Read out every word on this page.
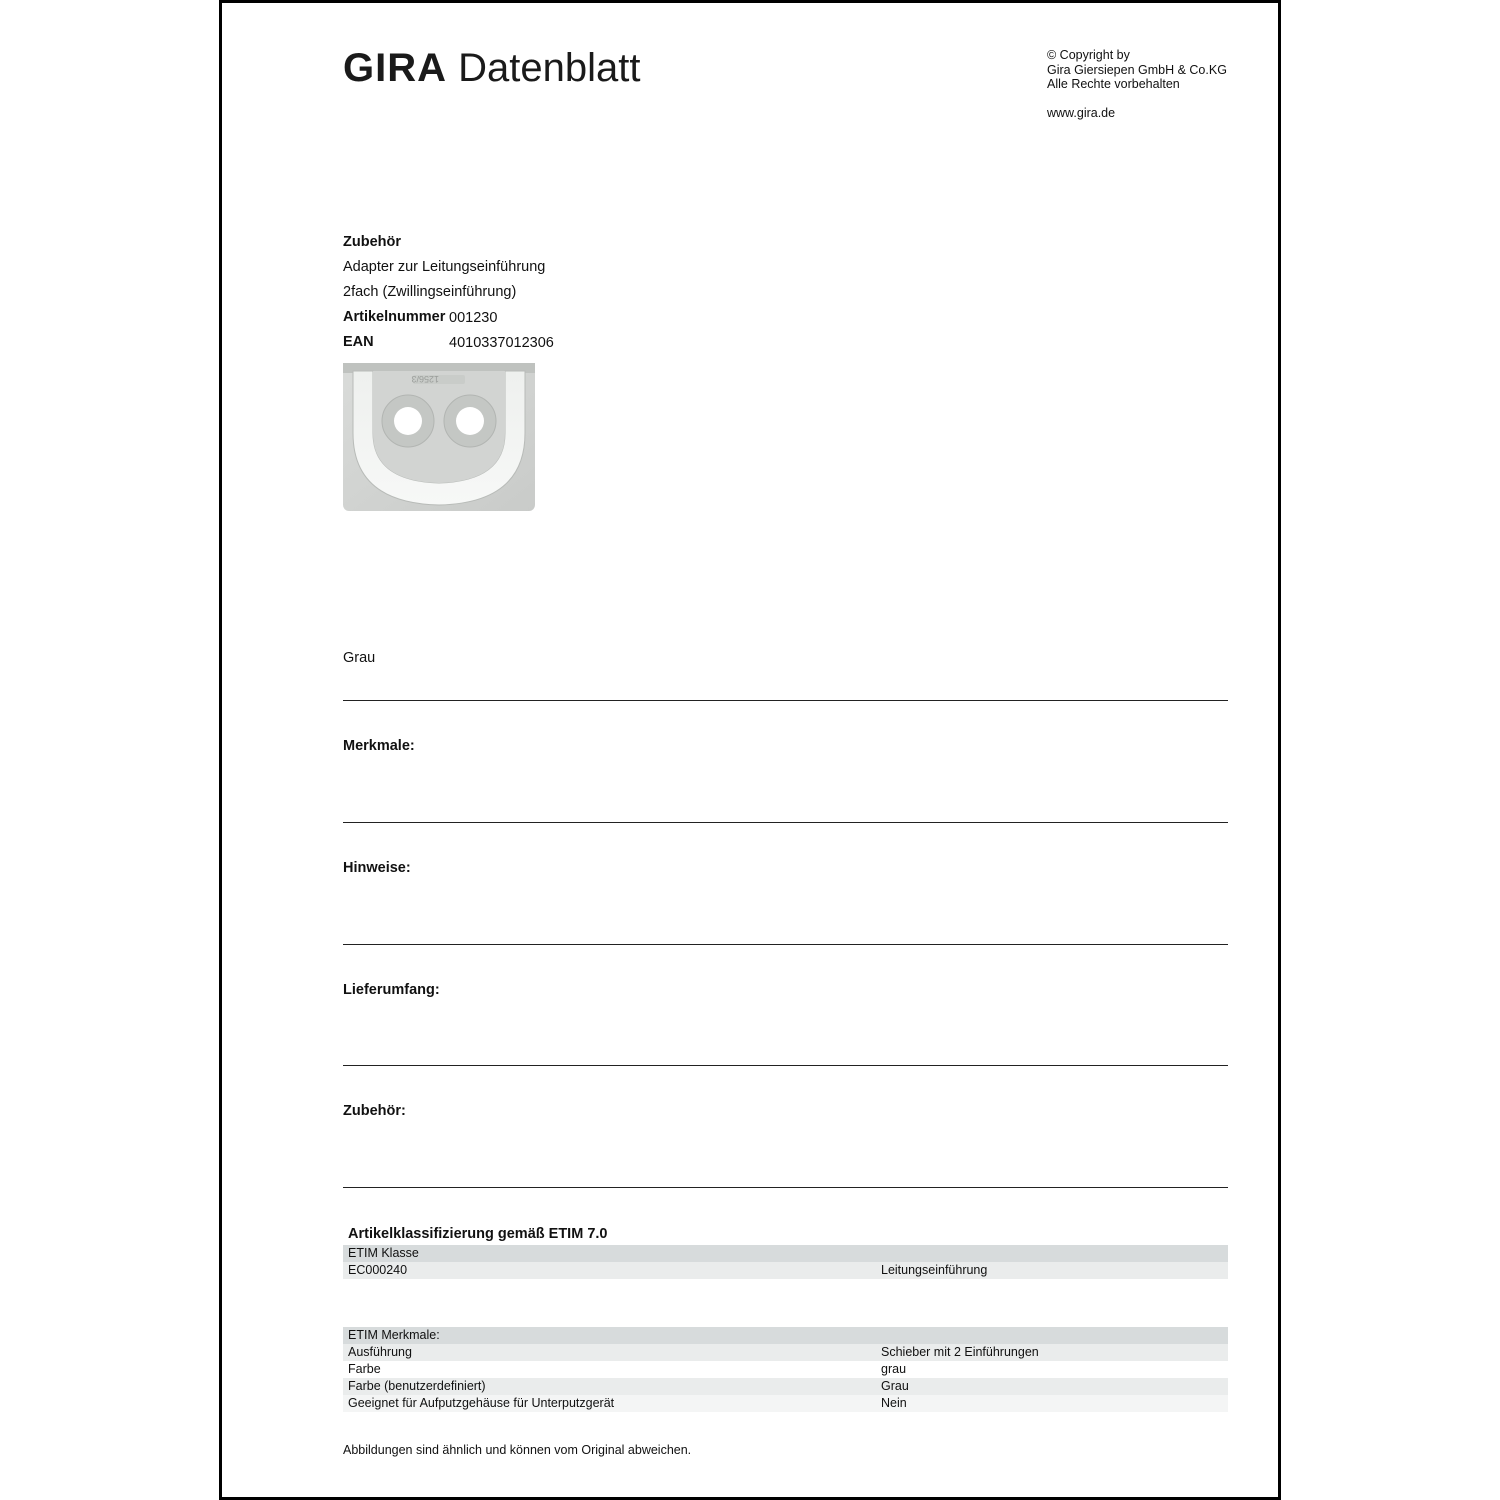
GIRA Datenblatt	© Copyright by
Gira Giersiepen GmbH & Co.KG
Alle Rechte vorbehalten
www.gira.de
Zubehör
Adapter zur Leitungseinführung
2fach (Zwillingseinführung)
Artikelnummer 001230
EAN	4010337012306
1256/3
Grau
Merkmale:
Hinweise:
Lieferumfang:
Zubehör:
Artikelklassifizierung gemäß ETIM 7.0
ETIM Klasse
EC000240	Leitungseinführung
ETIM Merkmale:
Ausführung	Schieber mit 2 Einführungen
Farbe	grau
Farbe (benutzerdefiniert)	Grau
Geeignet für Aufputzgehäuse für Unterputzgerät	Nein
Abbildungen sind ähnlich und können vom Original abweichen.
